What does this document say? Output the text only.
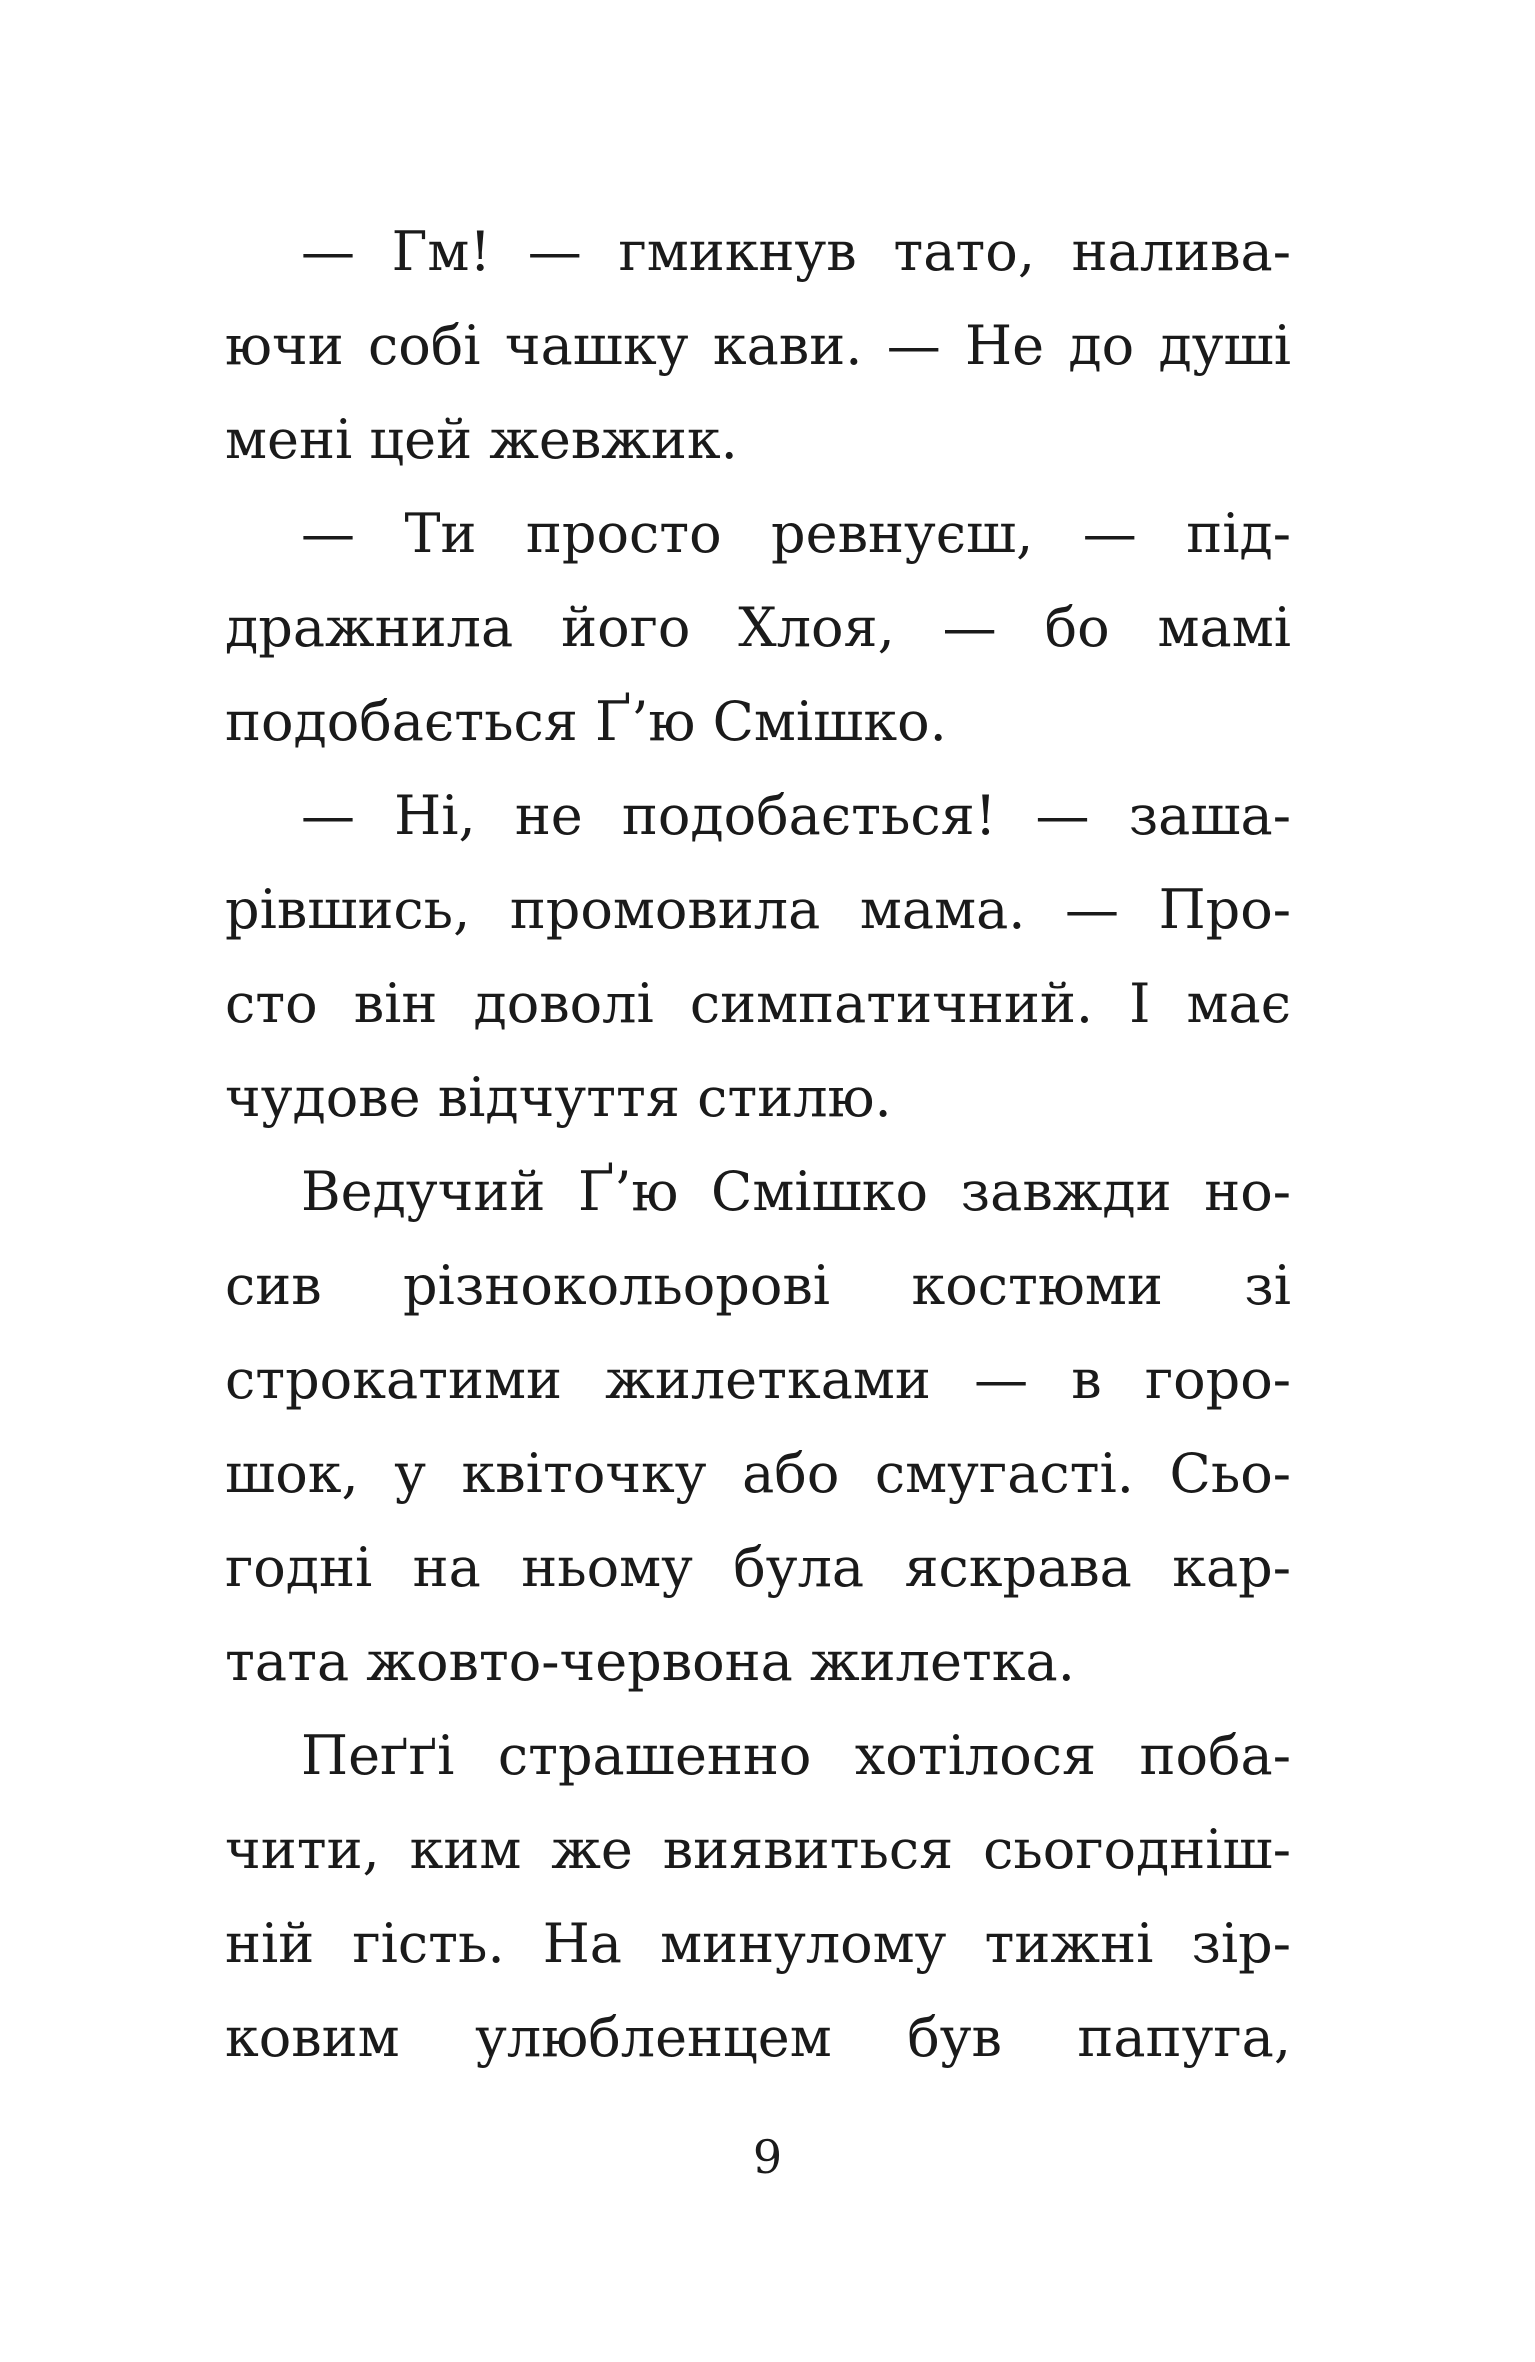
— Гм! — гмикнув тато, налива-
ючи собі чашку кави. — Не до душі
мені цей жевжик.
— Ти просто ревнуєш, — під-
дражнила його Хлоя, — бо мамі
подобається Ґ’ю Смішко.
— Ні, не подобається! — заша-
рівшись, промовила мама. — Про-
сто він доволі симпатичний. І має
чудове відчуття стилю.
Ведучий Ґ’ю Смішко завжди но-
сив різнокольорові костюми зі
строкатими жилетками — в горо-
шок, у квіточку або смугасті. Сьо-
годні на ньому була яскрава кар-
тата жовто-червона жилетка.
Пеґґі страшенно хотілося поба-
чити, ким же виявиться сьогодніш-
ній гість. На минулому тижні зір-
ковим улюбленцем був папуга,
9
